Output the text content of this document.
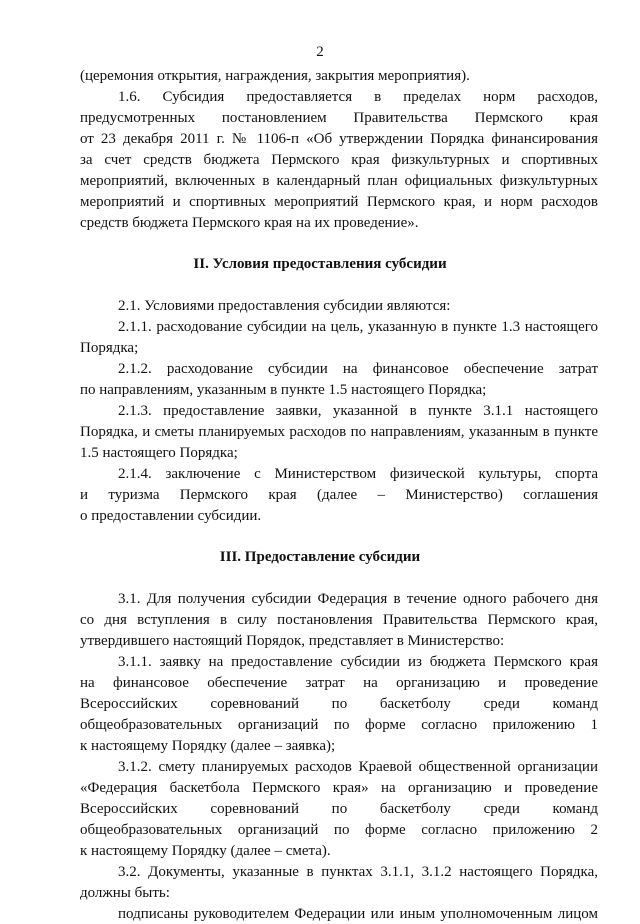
2
(церемония открытия, награждения, закрытия мероприятия).
1.6. Субсидия предоставляется в пределах норм расходов,
предусмотренных постановлением Правительства Пермского края
от 23 декабря 2011 г. № 1106-п «Об утверждении Порядка финансирования
за счет средств бюджета Пермского края физкультурных и спортивных
мероприятий, включенных в календарный план официальных физкультурных
мероприятий и спортивных мероприятий Пермского края, и норм расходов
средств бюджета Пермского края на их проведение».
II. Условия предоставления субсидии
2.1. Условиями предоставления субсидии являются:
2.1.1. расходование субсидии на цель, указанную в пункте 1.3 настоящего
Порядка;
2.1.2. расходование субсидии на финансовое обеспечение затрат
по направлениям, указанным в пункте 1.5 настоящего Порядка;
2.1.3. предоставление заявки, указанной в пункте 3.1.1 настоящего
Порядка, и сметы планируемых расходов по направлениям, указанным в пункте
1.5 настоящего Порядка;
2.1.4. заключение с Министерством физической культуры, спорта
и туризма Пермского края (далее – Министерство) соглашения
о предоставлении субсидии.
III. Предоставление субсидии
3.1. Для получения субсидии Федерация в течение одного рабочего дня
со дня вступления в силу постановления Правительства Пермского края,
утвердившего настоящий Порядок, представляет в Министерство:
3.1.1. заявку на предоставление субсидии из бюджета Пермского края
на финансовое обеспечение затрат на организацию и проведение
Всероссийских соревнований по баскетболу среди команд
общеобразовательных организаций по форме согласно приложению 1
к настоящему Порядку (далее – заявка);
3.1.2. смету планируемых расходов Краевой общественной организации
«Федерация баскетбола Пермского края» на организацию и проведение
Всероссийских соревнований по баскетболу среди команд
общеобразовательных организаций по форме согласно приложению 2
к настоящему Порядку (далее – смета).
3.2. Документы, указанные в пунктах 3.1.1, 3.1.2 настоящего Порядка,
должны быть:
подписаны руководителем Федерации или иным уполномоченным лицом
